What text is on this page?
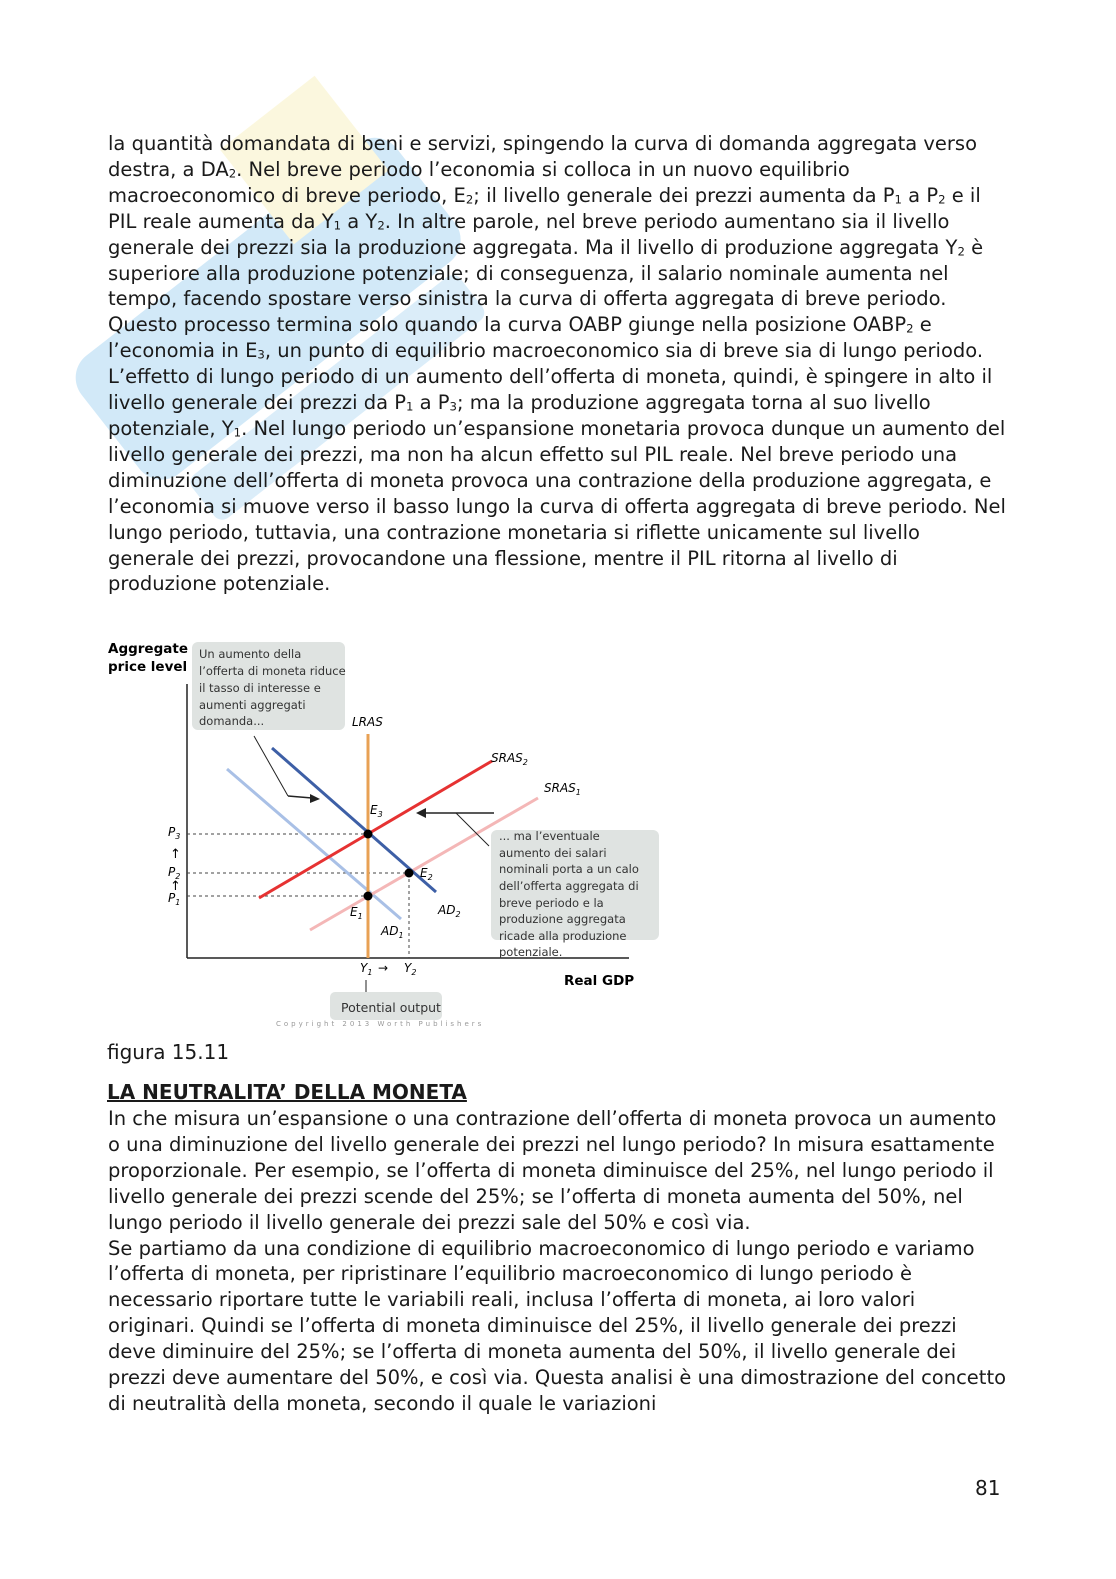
la quantità domandata di beni e servizi, spingendo la curva di domanda aggregata verso destra, a $DA_2$. Nel breve periodo l’economia si colloca in un nuovo equilibrio macroeconomico di breve periodo, $E_2$; il livello generale dei prezzi aumenta da $P_1$ a $P_2$ e il PIL reale aumenta da $Y_1$ a $Y_2$. In altre parole, nel breve periodo aumentano sia il livello generale dei prezzi sia la produzione aggregata. Ma il livello di produzione aggregata $Y_2$ è superiore alla produzione potenziale; di conseguenza, il salario nominale aumenta nel tempo, facendo spostare verso sinistra la curva di offerta aggregata di breve periodo. Questo processo termina solo quando la curva OABP giunge nella posizione $OABP_2$ e l’economia in $E_3$, un punto di equilibrio macroeconomico sia di breve sia di lungo periodo. L’effetto di lungo periodo di un aumento dell’offerta di moneta, quindi, è spingere in alto il livello generale dei prezzi da $P_1$ a $P_3$; ma la produzione aggregata torna al suo livello potenziale, $Y_1$. Nel lungo periodo un’espansione monetaria provoca dunque un aumento del livello generale dei prezzi, ma non ha alcun effetto sul PIL reale. Nel breve periodo una diminuzione dell’offerta di moneta provoca una contrazione della produzione aggregata, e l’economia si muove verso il basso lungo la curva di offerta aggregata di breve periodo. Nel lungo periodo, tuttavia, una contrazione monetaria si riflette unicamente sul livello generale dei prezzi, provocandone una flessione, mentre il PIL ritorna al livello di produzione potenziale.

Aggregate
price level
Real GDP
LRAS
$SRAS_2$
$SRAS_1$
$AD_2$
$AD_1$
$E_3$
$E_2$
$E_1$
$P_3$
↑
$P_2$
↑
$P_1$
$Y_1 \to Y_2$
Un aumento della
l’offerta di moneta riduce
il tasso di interesse e
aumenti aggregati
domanda...
... ma l’eventuale
aumento dei salari
nominali porta a un calo
dell’offerta aggregata di
breve periodo e la
produzione aggregata
ricade alla produzione
potenziale.
Potential output
Copyright 2013 Worth Publishers
figura 15.11
LA NEUTRALITA’ DELLA MONETA

In che misura un’espansione o una contrazione dell’offerta di moneta provoca un aumento o una diminuzione del livello generale dei prezzi nel lungo periodo? In misura esattamente proporzionale. Per esempio, se l’offerta di moneta diminuisce del 25%, nel lungo periodo il livello generale dei prezzi scende del 25%; se l’offerta di moneta aumenta del 50%, nel lungo periodo il livello generale dei prezzi sale del 50% e così via.
Se partiamo da una condizione di equilibrio macroeconomico di lungo periodo e variamo l’offerta di moneta, per ripristinare l’equilibrio macroeconomico di lungo periodo è necessario riportare tutte le variabili reali, inclusa l’offerta di moneta, ai loro valori originari. Quindi se l’offerta di moneta diminuisce del 25%, il livello generale dei prezzi deve diminuire del 25%; se l’offerta di moneta aumenta del 50%, il livello generale dei prezzi deve aumentare del 50%, e così via. Questa analisi è una dimostrazione del concetto di neutralità della moneta, secondo il quale le variazioni

81
